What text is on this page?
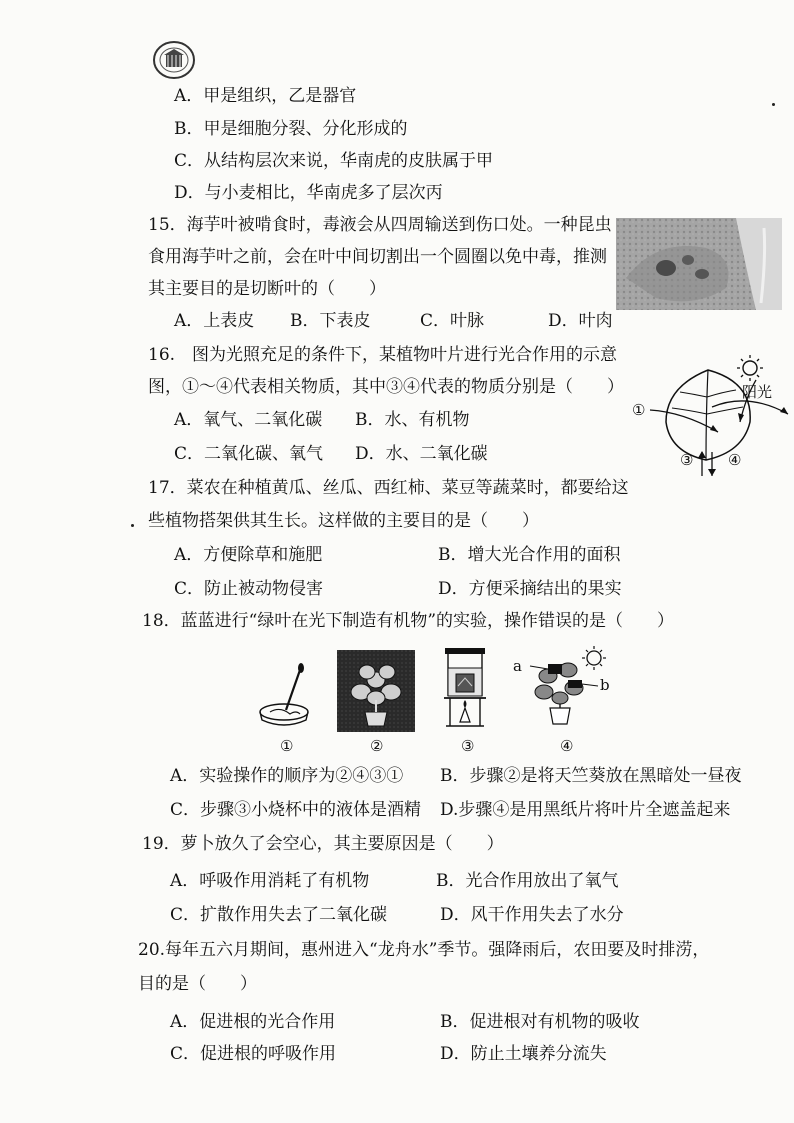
A．甲是组织，乙是器官
B．甲是细胞分裂、分化形成的
C．从结构层次来说，华南虎的皮肤属于甲
D．与小麦相比，华南虎多了层次丙
15．海芋叶被啃食时，毒液会从四周输送到伤口处。一种昆虫
食用海芋叶之前，会在叶中间切割出一个圆圈以免中毒，推测
其主要目的是切断叶的（　　）
A．上表皮 B．下表皮	C．叶脉	D．叶肉
16.　图为光照充足的条件下，某植物叶片进行光合作用的示意
图，①～④代表相关物质，其中③④代表的物质分别是（　　）
A．氧气、二氧化碳 B．水、有机物
C．二氧化碳、氧气 D．水、二氧化碳
阳光
①
③ ④
17．菜农在种植黄瓜、丝瓜、西红柿、菜豆等蔬菜时，都要给这
些植物搭架供其生长。这样做的主要目的是（　　）
A．方便除草和施肥	B．增大光合作用的面积
C．防止被动物侵害	D．方便采摘结出的果实
18．蓝蓝进行“绿叶在光下制造有机物”的实验，操作错误的是（　　）
a
b
①	②	③	④
A．实验操作的顺序为②④③① B．步骤②是将天竺葵放在黑暗处一昼夜
C．步骤③小烧杯中的液体是酒精 D.步骤④是用黑纸片将叶片全遮盖起来
19．萝卜放久了会空心，其主要原因是（　　）
A．呼吸作用消耗了有机物	B．光合作用放出了氧气
C．扩散作用失去了二氧化碳	D．风干作用失去了水分
20.每年五六月期间，惠州进入“龙舟水”季节。强降雨后，农田要及时排涝，
目的是（　　）
A．促进根的光合作用	B．促进根对有机物的吸收
C．促进根的呼吸作用	D．防止土壤养分流失
